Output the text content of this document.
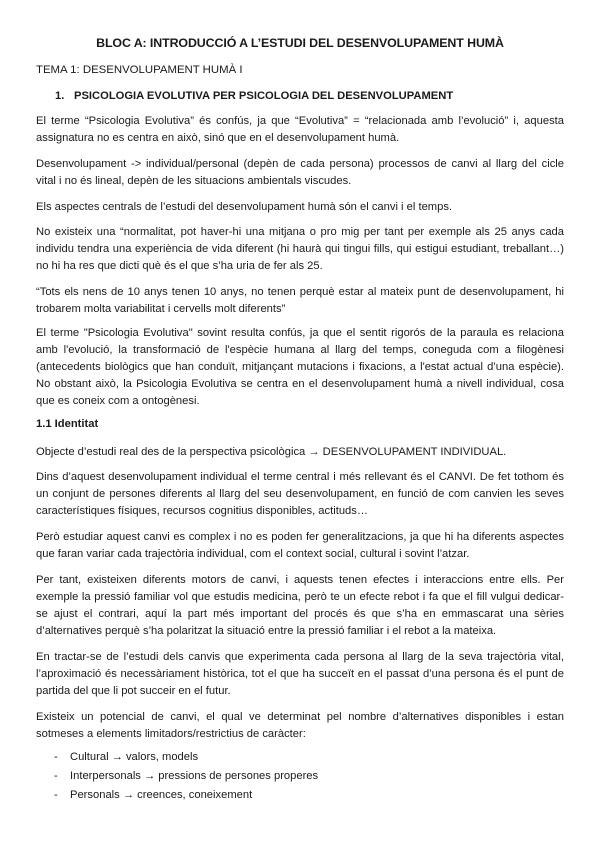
BLOC A: INTRODUCCIÓ A L’ESTUDI DEL DESENVOLUPAMENT HUMÀ
TEMA 1: DESENVOLUPAMENT HUMÀ I
1. PSICOLOGIA EVOLUTIVA PER PSICOLOGIA DEL DESENVOLUPAMENT
El terme “Psicologia Evolutiva” és confús, ja que “Evolutiva” = “relacionada amb l’evolució” i, aquesta assignatura no es centra en això, sinó que en el desenvolupament humà.
Desenvolupament -> individual/personal (depèn de cada persona) processos de canvi al llarg del cicle vital i no és lineal, depèn de les situacions ambientals viscudes.
Els aspectes centrals de l’estudi del desenvolupament humà són el canvi i el temps.
No existeix una “normalitat, pot haver-hi una mitjana o pro mig per tant per exemple als 25 anys cada individu tendra una experiència de vida diferent (hi haurà qui tingui fills, qui estigui estudiant, treballant…) no hi ha res que dicti què és el que s’ha uria de fer als 25.
“Tots els nens de 10 anys tenen 10 anys, no tenen perquè estar al mateix punt de desenvolupament, hi trobarem molta variabilitat i cervells molt diferents”
El terme "Psicologia Evolutiva" sovint resulta confús, ja que el sentit rigorós de la paraula es relaciona amb l'evolució, la transformació de l'espècie humana al llarg del temps, coneguda com a filogènesi (antecedents biològics que han conduït, mitjançant mutacions i fixacions, a l'estat actual d’una espècie). No obstant això, la Psicologia Evolutiva se centra en el desenvolupament humà a nivell individual, cosa que es coneix com a ontogènesi.
1.1 Identitat
Objecte d’estudi real des de la perspectiva psicològica → DESENVOLUPAMENT INDIVIDUAL.
Dins d’aquest desenvolupament individual el terme central i més rellevant és el CANVI. De fet tothom és un conjunt de persones diferents al llarg del seu desenvolupament, en funció de com canvien les seves característiques físiques, recursos cognitius disponibles, actituds…
Però estudiar aquest canvi es complex i no es poden fer generalitzacions, ja que hi ha diferents aspectes que faran variar cada trajectòria individual, com el context social, cultural i sovint l’atzar.
Per tant, existeixen diferents motors de canvi, i aquests tenen efectes i interaccions entre ells. Per exemple la pressió familiar vol que estudis medicina, però te un efecte rebot i fa que el fill vulgui dedicar-se ajust el contrari, aquí la part més important del procés és que s’ha en emmascarat una sèries d’alternatives perquè s’ha polaritzat la situació entre la pressió familiar i el rebot a la mateixa.
En tractar-se de l’estudi dels canvis que experimenta cada persona al llarg de la seva trajectòria vital, l’aproximació és necessàriament històrica, tot el que ha succeït en el passat d’una persona és el punt de partida del que li pot succeir en el futur.
Existeix un potencial de canvi, el qual ve determinat pel nombre d’alternatives disponibles i estan sotmeses a elements limitadors/restrictius de caràcter:
- Cultural → valors, models
- Interpersonals → pressions de persones properes
- Personals → creences, coneixement
